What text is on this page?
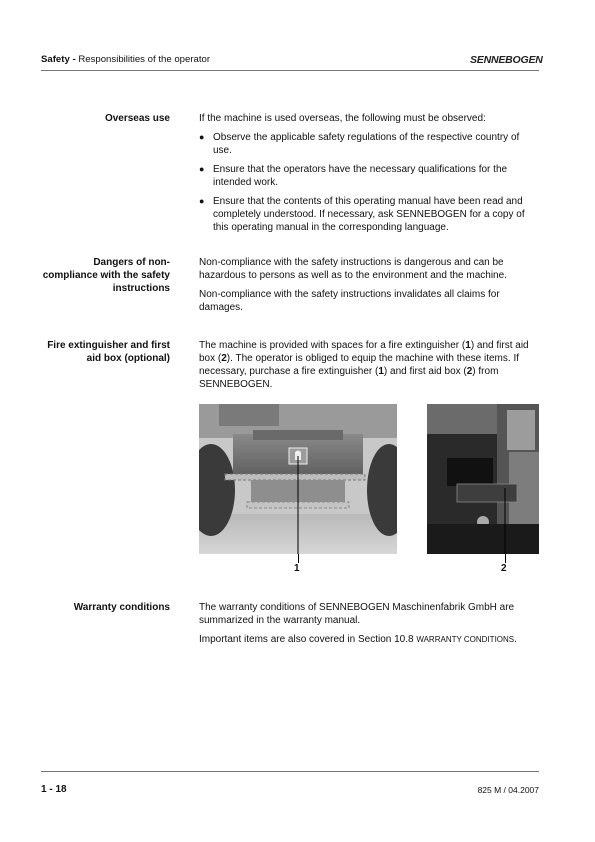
Safety - Responsibilities of the operator	SENNEBOGEN
Overseas use	If the machine is used overseas, the following must be observed:

● Observe the applicable safety regulations of the respective country of use.
● Ensure that the operators have the necessary qualifications for the intended work.
● Ensure that the contents of this operating manual have been read and completely understood. If necessary, ask SENNEBOGEN for a copy of this operating manual in the corresponding language.
Dangers of non-compliance with the safety instructions

Non-compliance with the safety instructions is dangerous and can be hazardous to persons as well as to the environment and the machine.

Non-compliance with the safety instructions invalidates all claims for damages.

Fire extinguisher and first aid box (optional)

The machine is provided with spaces for a fire extinguisher (1) and first aid box (2). The operator is obliged to equip the machine with these items. If necessary, purchase a fire extinguisher (1) and first aid box (2) from SENNEBOGEN.

1	2
Warranty conditions	The warranty conditions of SENNEBOGEN Maschinenfabrik GmbH are summarized in the warranty manual.

Important items are also covered in Section 10.8 WARRANTY CONDITIONS.

1 - 18	825 M / 04.2007
